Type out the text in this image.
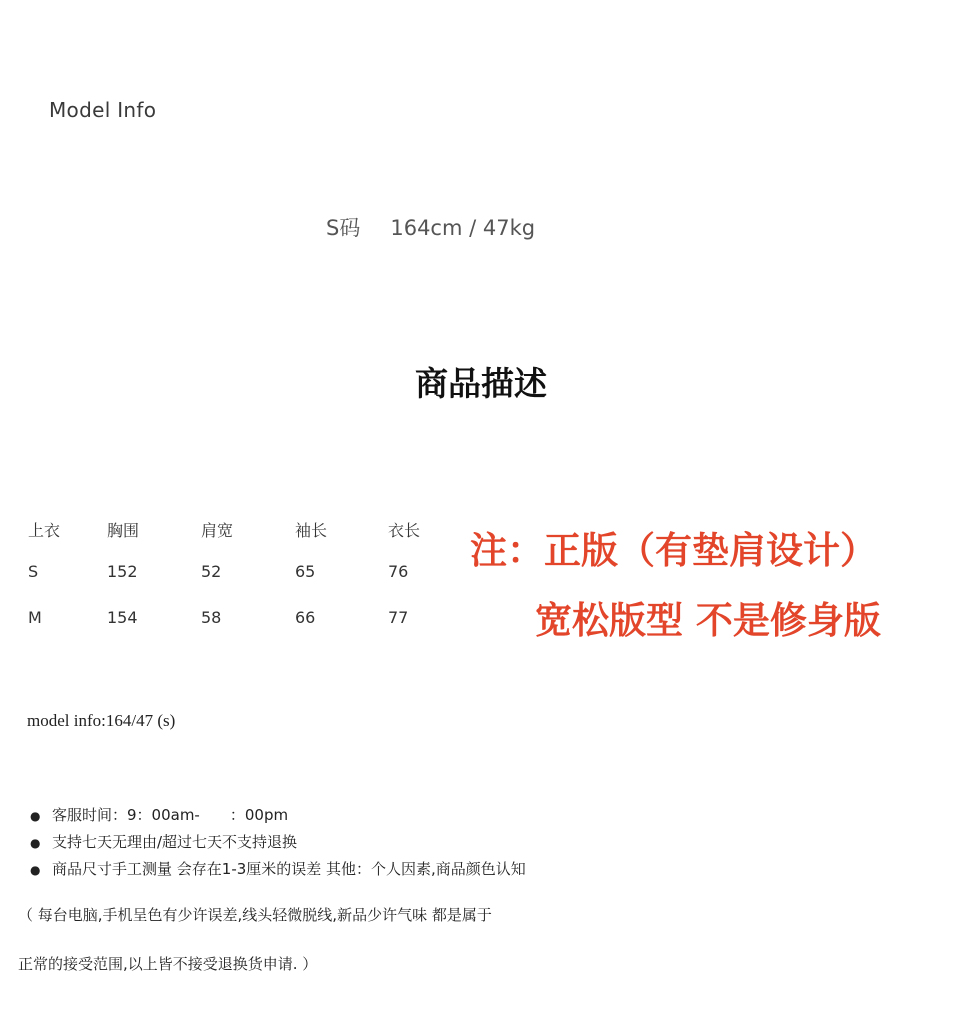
Model Info
S码 164cm / 47kg
商品描述
上衣	胸围	肩宽	袖长	衣长
S	152	52	65	76
M	154	58	66	77
注：正版（有垫肩设计）
宽松版型 不是修身版
model info:164/47 (s)
● 客服时间：9：00am- ：00pm
● 支持七天无理由/超过七天不支持退换
● 商品尺寸手工测量 会存在1-3厘米的误差 其他：个人因素,商品颜色认知
（ 每台电脑,手机呈色有少许误差,线头轻微脱线,新品少许气味 都是属于
正常的接受范围,以上皆不接受退换货申请. ）
